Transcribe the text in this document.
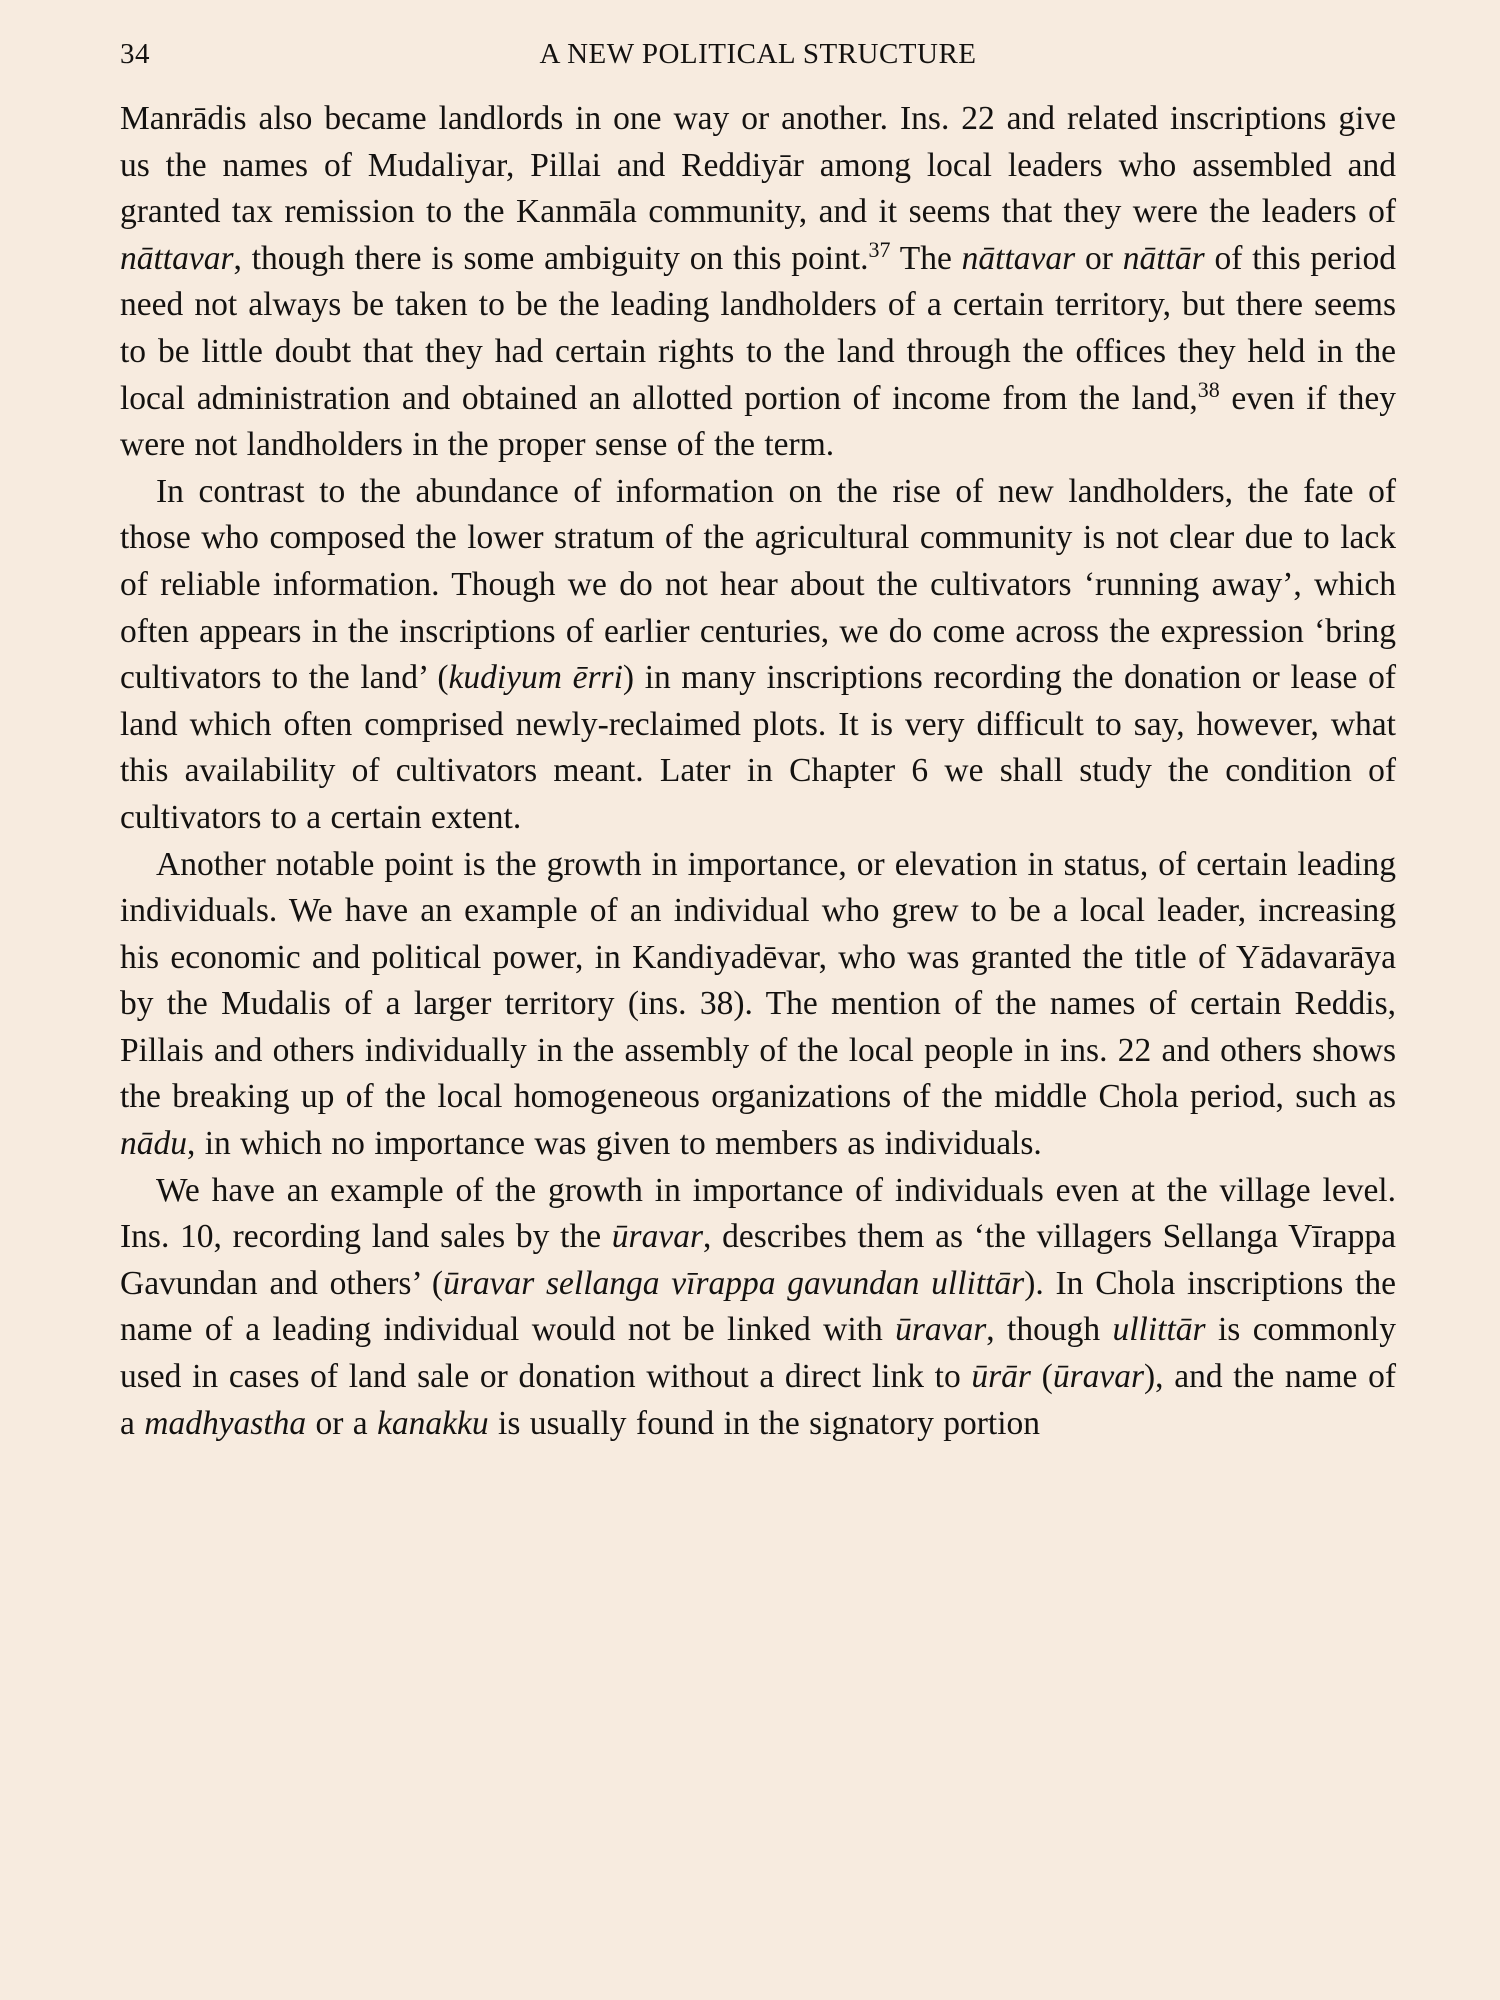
34	A NEW POLITICAL STRUCTURE

Manrādis also became landlords in one way or another. Ins. 22 and related inscriptions give us the names of Mudaliyar, Pillai and Reddiyār among local leaders who assembled and granted tax remission to the Kanmāla community, and it seems that they were the leaders of nāttavar, though there is some ambiguity on this point.$^{37}$ The nāttavar or nāttār of this period need not always be taken to be the leading landholders of a certain territory, but there seems to be little doubt that they had certain rights to the land through the offices they held in the local administration and obtained an allotted portion of income from the land,$^{38}$ even if they were not landholders in the proper sense of the term.

In contrast to the abundance of information on the rise of new landholders, the fate of those who composed the lower stratum of the agricultural community is not clear due to lack of reliable information. Though we do not hear about the cultivators ‘running away’, which often appears in the inscriptions of earlier centuries, we do come across the expression ‘bring cultivators to the land’ (kudiyum ērri) in many inscriptions recording the donation or lease of land which often comprised newly-reclaimed plots. It is very difficult to say, however, what this availability of cultivators meant. Later in Chapter 6 we shall study the condition of cultivators to a certain extent.

Another notable point is the growth in importance, or elevation in status, of certain leading individuals. We have an example of an individual who grew to be a local leader, increasing his economic and political power, in Kandiyadēvar, who was granted the title of Yādavarāya by the Mudalis of a larger territory (ins. 38). The mention of the names of certain Reddis, Pillais and others individually in the assembly of the local people in ins. 22 and others shows the breaking up of the local homogeneous organizations of the middle Chola period, such as nādu, in which no importance was given to members as individuals.

We have an example of the growth in importance of individuals even at the village level. Ins. 10, recording land sales by the ūravar, describes them as ‘the villagers Sellanga Vīrappa Gavundan and others’ (ūravar sellanga vīrappa gavundan ullittār). In Chola inscriptions the name of a leading individual would not be linked with ūravar, though ullittār is commonly used in cases of land sale or donation without a direct link to ūrār (ūravar), and the name of a madhyastha or a kanakku is usually found in the signatory portion
